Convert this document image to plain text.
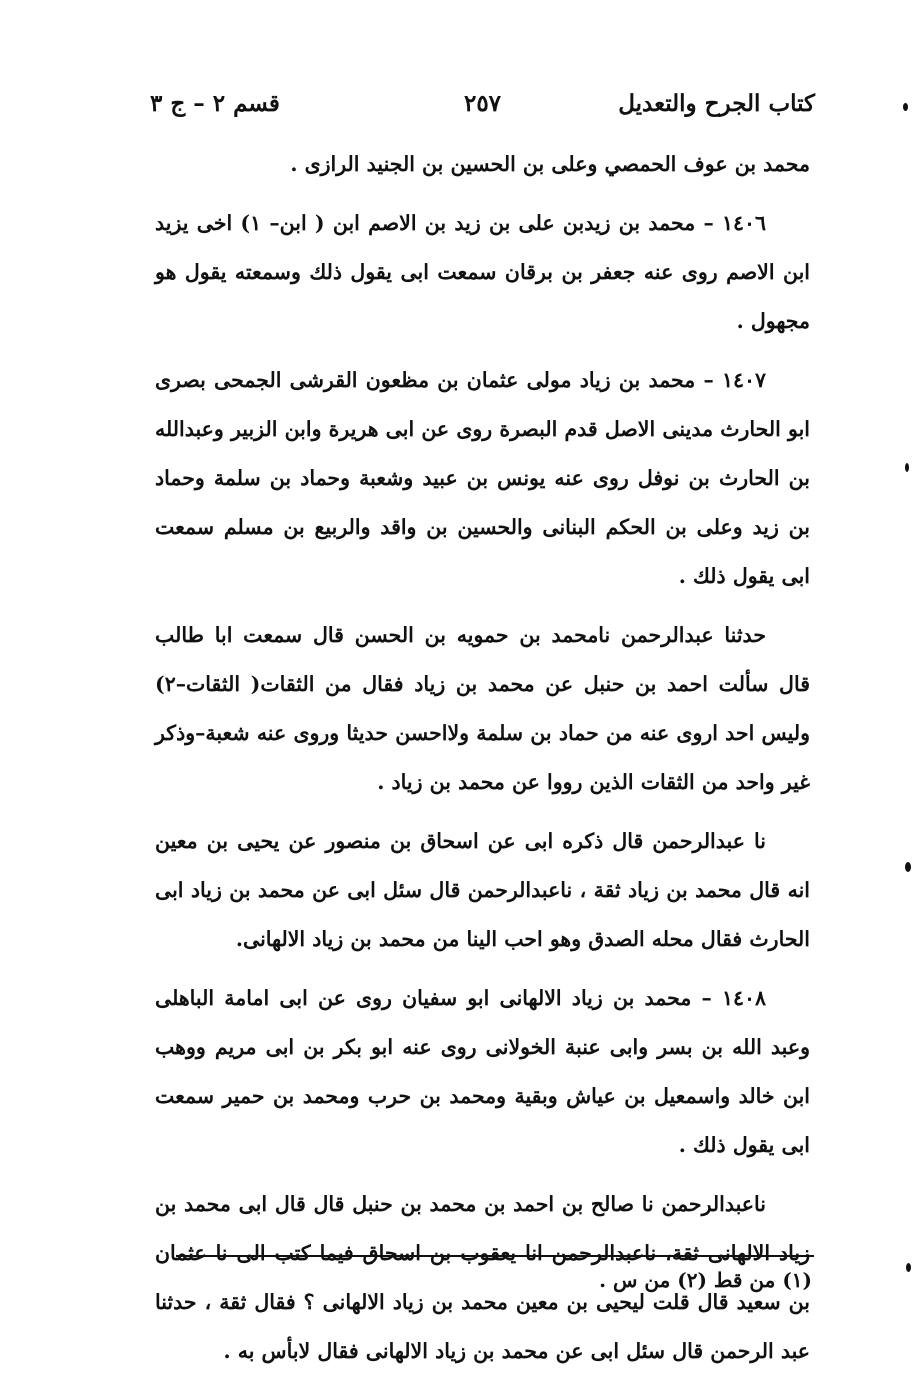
كتاب الجرح والتعديل
٢٥٧
قسم ٢ – ج ٣

محمد بن عوف الحمصي وعلى بن الحسين بن الجنيد الرازى .

١٤٠٦ – محمد بن زيدبن على بن زيد بن الاصم ابن ( ابن– ١) اخى يزيد ابن الاصم روى عنه جعفر بن برقان سمعت ابى يقول ذلك وسمعته يقول هو مجهول .

١٤٠٧ – محمد بن زياد مولى عثمان بن مظعون القرشى الجمحى بصرى ابو الحارث مدينى الاصل قدم البصرة روى عن ابى هريرة وابن الزبير وعبدالله بن الحارث بن نوفل روى عنه يونس بن عبيد وشعبة وحماد بن سلمة وحماد بن زيد وعلى بن الحكم البنانى والحسين بن واقد والربيع بن مسلم سمعت ابى يقول ذلك .

حدثنا عبدالرحمن نامحمد بن حمويه بن الحسن قال سمعت ابا طالب قال سألت احمد بن حنبل عن محمد بن زياد فقال من الثقات( الثقات–٢) وليس احد اروى عنه من حماد بن سلمة ولااحسن حديثا وروى عنه شعبة–وذكر غير واحد من الثقات الذين رووا عن محمد بن زياد .

نا عبدالرحمن قال ذكره ابى عن اسحاق بن منصور عن يحيى بن معين انه قال محمد بن زياد ثقة ، ناعبدالرحمن قال سئل ابى عن محمد بن زياد ابى الحارث فقال محله الصدق وهو احب الينا من محمد بن زياد الالهانى.

١٤٠٨ – محمد بن زياد الالهانى ابو سفيان روى عن ابى امامة الباهلى وعبد الله بن بسر وابى عنبة الخولانى روى عنه ابو بكر بن ابى مريم ووهب ابن خالد واسمعيل بن عياش وبقية ومحمد بن حرب ومحمد بن حمير سمعت ابى يقول ذلك .

ناعبدالرحمن نا صالح بن احمد بن محمد بن حنبل قال قال ابى محمد بن زياد الالهانى ثقة، ناعبدالرحمن انا يعقوب بن اسحاق فيما كتب الى نا عثمان بن سعيد قال قلت ليحيى بن معين محمد بن زياد الالهانى ؟ فقال ثقة ، حدثنا عبد الرحمن قال سئل ابى عن محمد بن زياد الالهانى فقال لابأس به .

(١) من قط (٢) من س .
